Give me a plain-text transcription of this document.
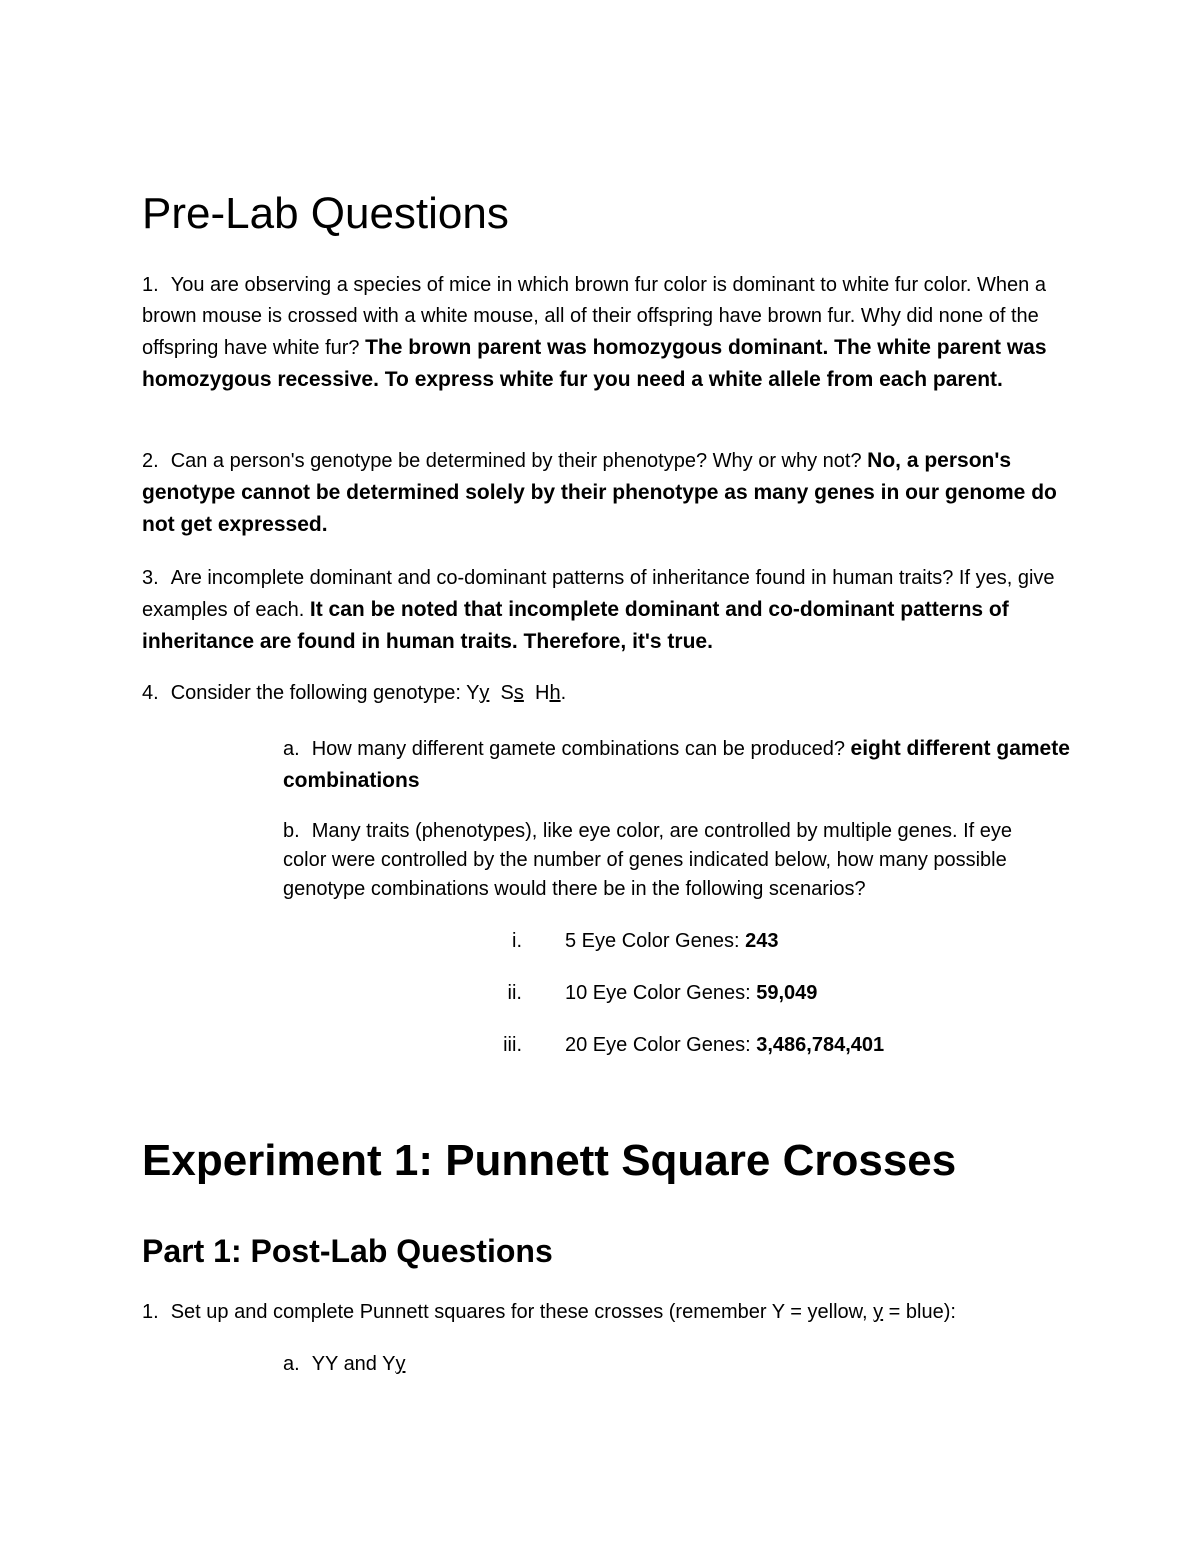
Pre-Lab Questions

1. You are observing a species of mice in which brown fur color is dominant to white fur color. When a brown mouse is crossed with a white mouse, all of their offspring have brown fur. Why did none of the offspring have white fur? The brown parent was homozygous dominant. The white parent was homozygous recessive. To express white fur you need a white allele from each parent.

2. Can a person's genotype be determined by their phenotype? Why or why not? No, a person's genotype cannot be determined solely by their phenotype as many genes in our genome do not get expressed.

3. Are incomplete dominant and co-dominant patterns of inheritance found in human traits? If yes, give examples of each. It can be noted that incomplete dominant and co-dominant patterns of inheritance are found in human traits. Therefore, it's true.

4. Consider the following genotype: Yy Ss Hh.

a. How many different gamete combinations can be produced? eight different gamete combinations

b. Many traits (phenotypes), like eye color, are controlled by multiple genes. If eye color were controlled by the number of genes indicated below, how many possible genotype combinations would there be in the following scenarios?

i. 5 Eye Color Genes: 243
ii. 10 Eye Color Genes: 59,049
iii. 20 Eye Color Genes: 3,486,784,401
Experiment 1: Punnett Square Crosses
Part 1: Post-Lab Questions

1. Set up and complete Punnett squares for these crosses (remember Y = yellow, y = blue):

a. YY and Yy
